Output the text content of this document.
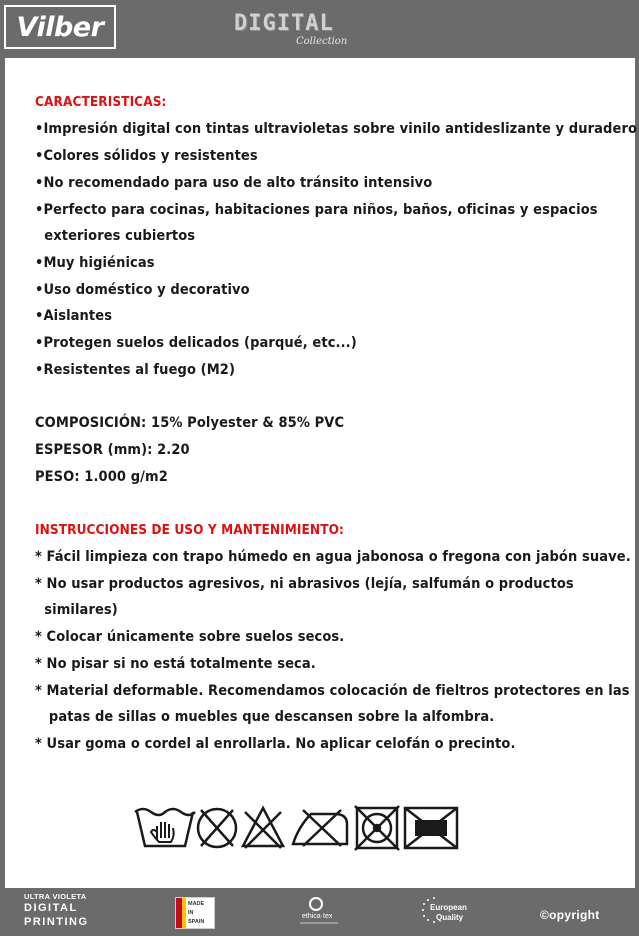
Vilber	DIGITAL
Collection

CARACTERISTICAS:

•Impresión digital con tintas ultravioletas sobre vinilo antideslizante y duradero

•Colores sólidos y resistentes

•No recomendado para uso de alto tránsito intensivo

•Perfecto para cocinas, habitaciones para niños, baños, oficinas y espacios

exteriores cubiertos

•Muy higiénicas

•Uso doméstico y decorativo

•Aislantes

•Protegen suelos delicados (parqué, etc...)

•Resistentes al fuego (M2)

COMPOSICIÓN: 15% Polyester & 85% PVC

ESPESOR (mm): 2.20

PESO: 1.000 g/m2

INSTRUCCIONES DE USO Y MANTENIMIENTO:

* Fácil limpieza con trapo húmedo en agua jabonosa o fregona con jabón suave.

* No usar productos agresivos, ni abrasivos (lejía, salfumán o productos

similares)

* Colocar únicamente sobre suelos secos.

* No pisar si no está totalmente seca.

* Material deformable. Recomendamos colocación de fieltros protectores en las

patas de sillas o muebles que descansen sobre la alfombra.

* Usar goma o cordel al enrollarla. No aplicar celofán o precinto.

ULTRA VIOLETA
DIGITAL
PRINTING
MADE
IN
SPAIN
ethica·tex
European
Quality	©opyright
